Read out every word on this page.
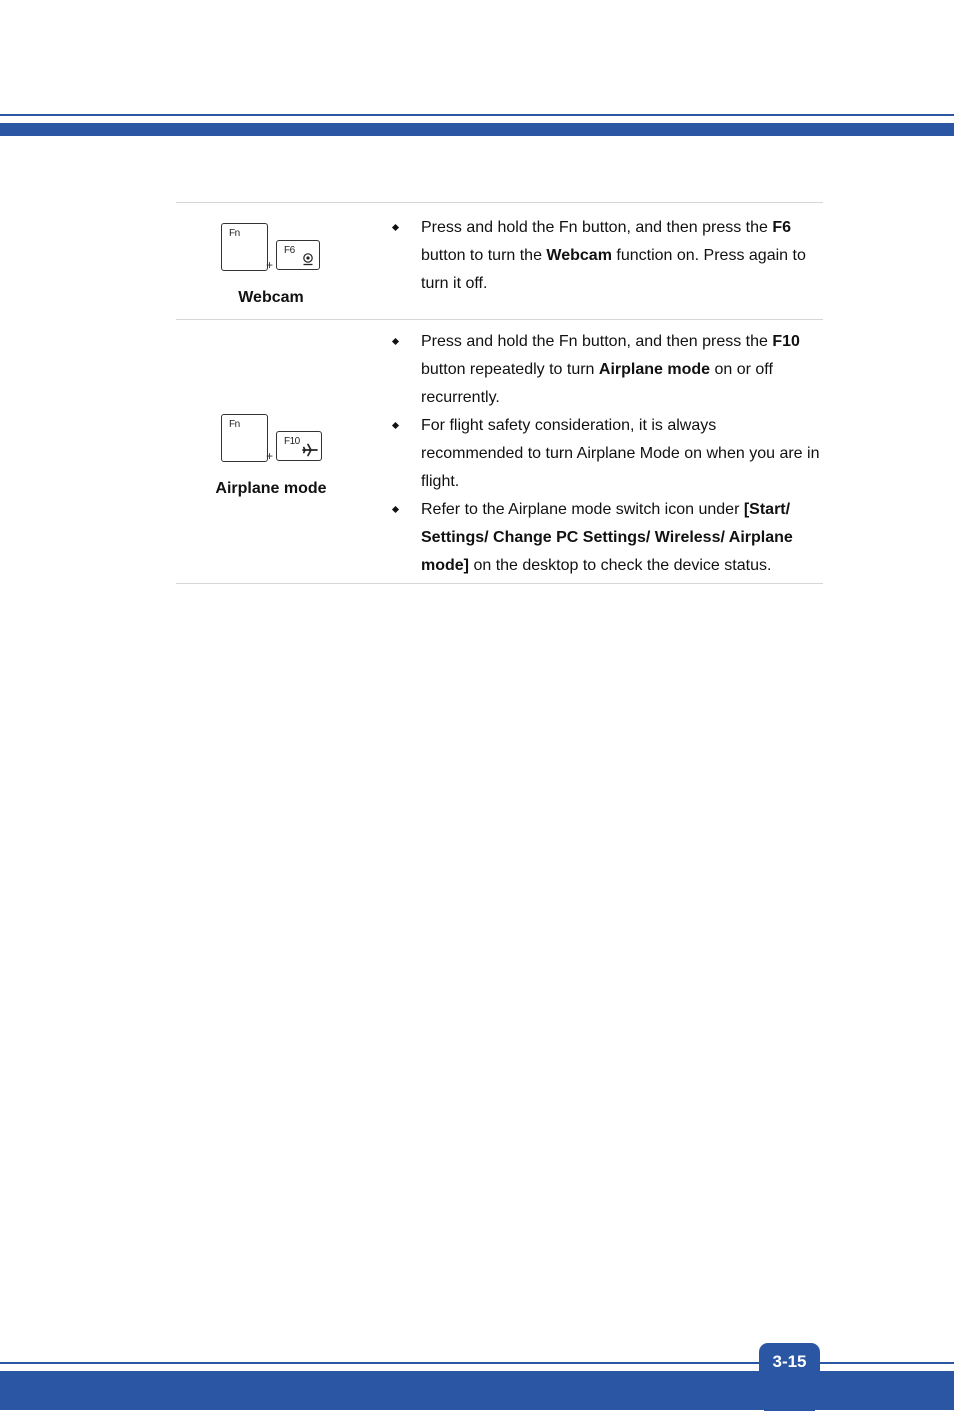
Fn
+
F6
Webcam
Press and hold the Fn button, and then press the F6 button to turn the Webcam function on. Press again to turn it off.
Fn
+
F10
Airplane mode
Press and hold the Fn button, and then press the F10 button repeatedly to turn Airplane mode on or off recurrently.
For flight safety consideration, it is always recommended to turn Airplane Mode on when you are in flight.
Refer to the Airplane mode switch icon under [Start/ Settings/ Change PC Settings/ Wireless/ Airplane mode] on the desktop to check the device status.
3-15
